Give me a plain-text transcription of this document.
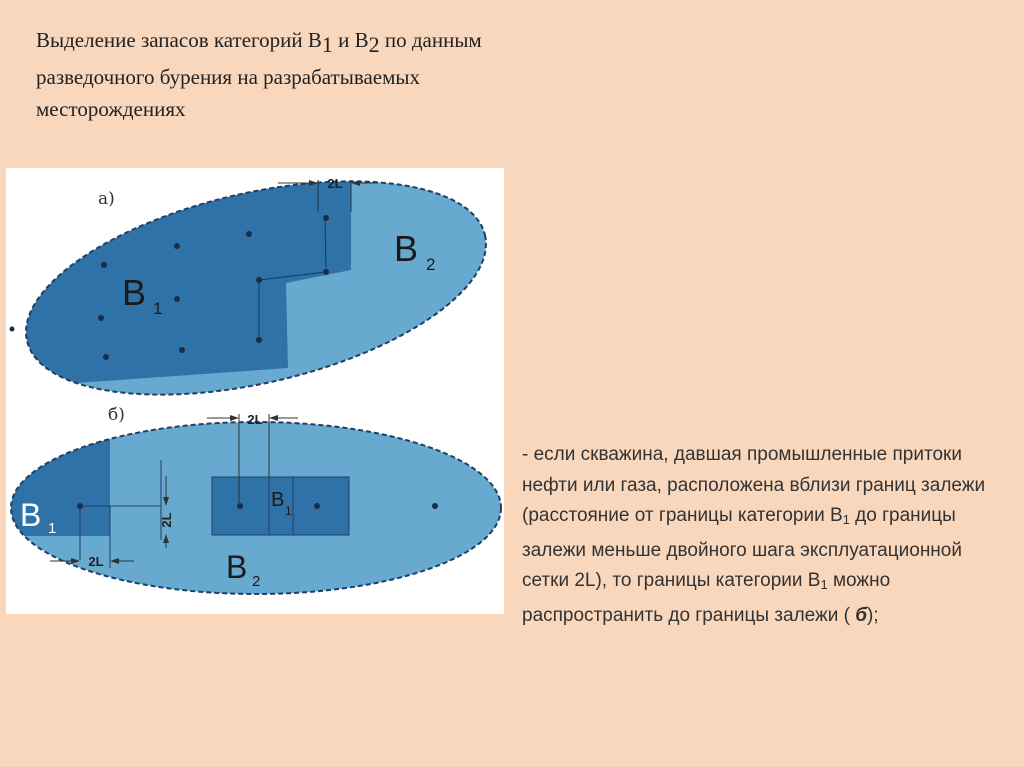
Выделение запасов категорий $В_1$ и $В_2$ по данным разведочного бурения на разрабатываемых месторождениях
а)
2L
B 1
B 2
б)	2L
2L
2L
B 1
B 1
B 2
- если скважина, давшая промышленные притоки нефти или газа, расположена вблизи границ залежи (расстояние от границы категории $В_1$ до границы залежи меньше двойного шага эксплуатационной сетки 2L), то границы категории $В_1$ можно распространить до границы залежи ( б);
